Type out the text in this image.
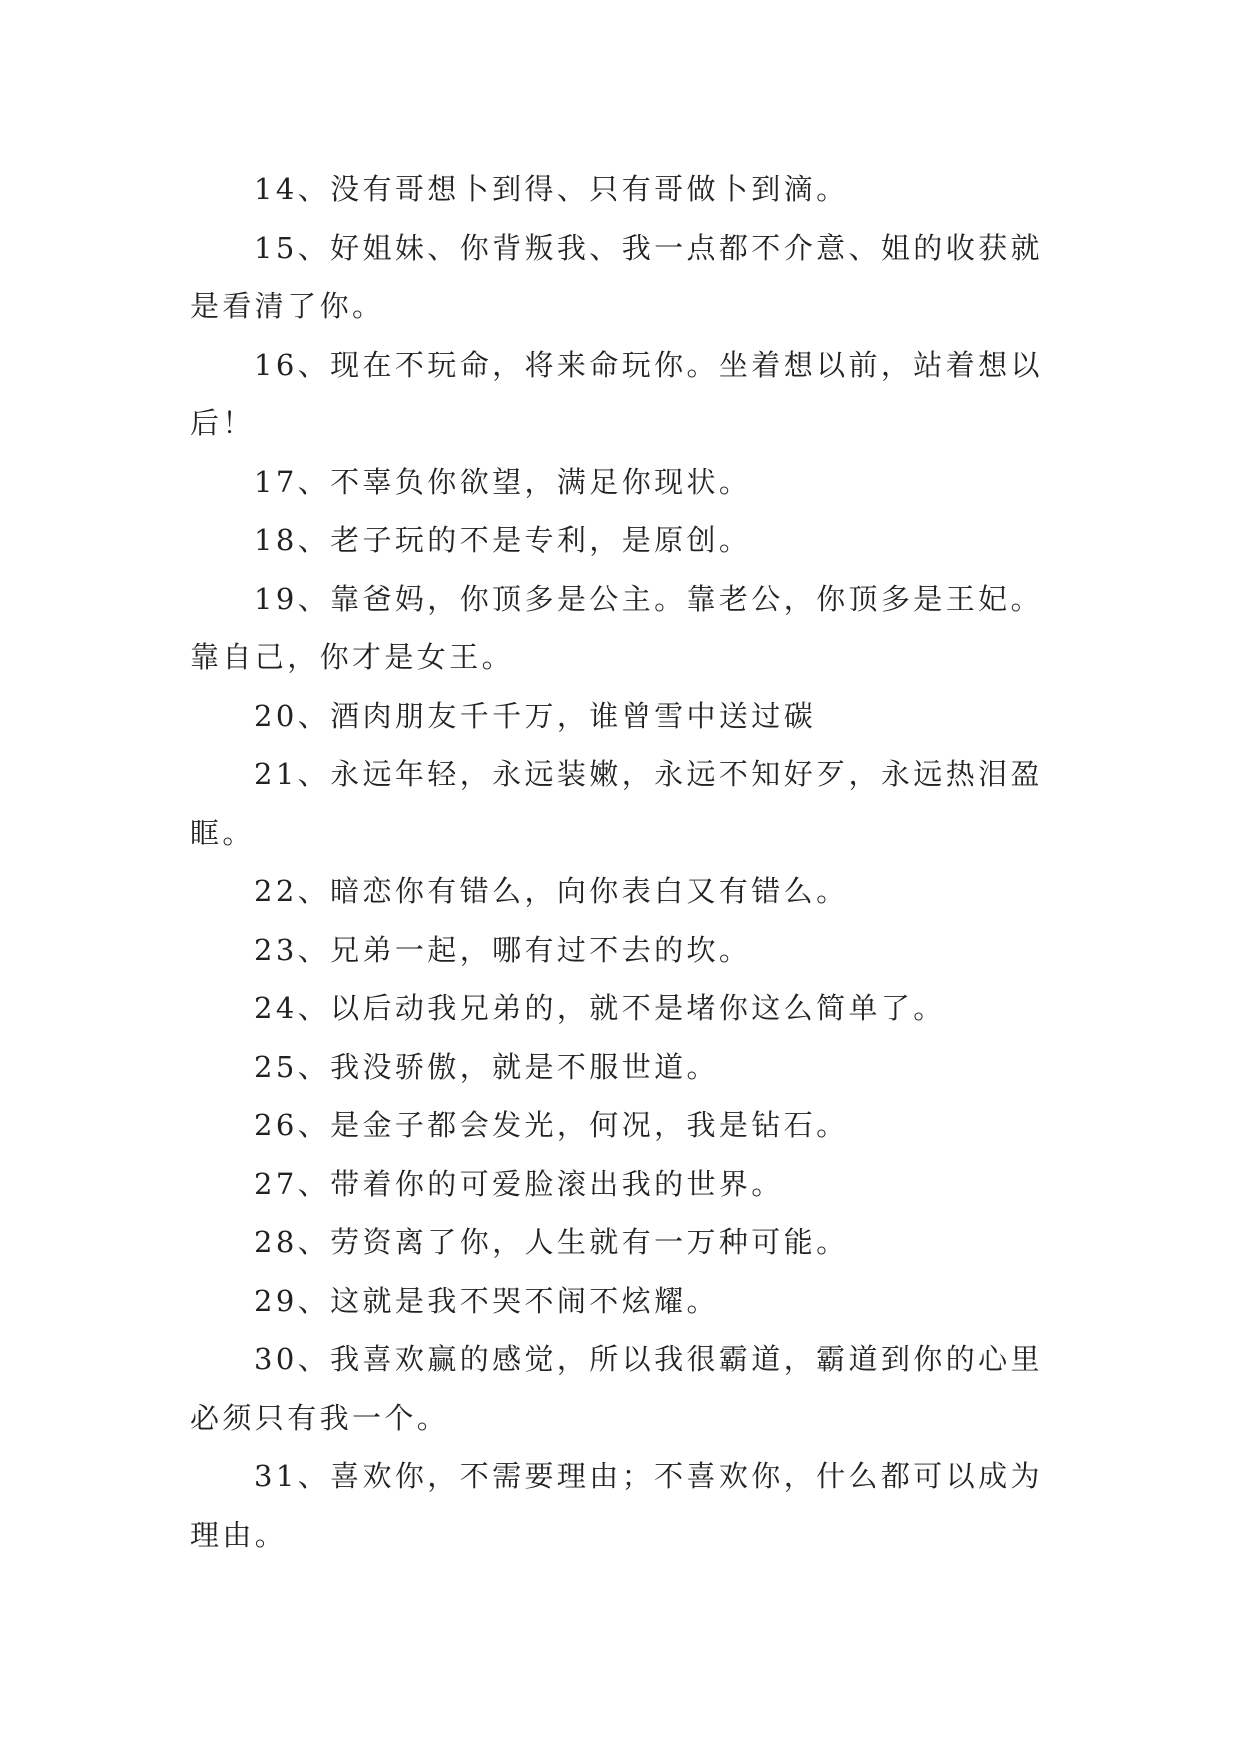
14、没有哥想卜到得、只有哥做卜到滴。

15、好姐妹、你背叛我、我一点都不介意、姐的收获就是看清了你。

16、现在不玩命，将来命玩你。坐着想以前，站着想以后！

17、不辜负你欲望，满足你现状。

18、老子玩的不是专利，是原创。

19、靠爸妈，你顶多是公主。靠老公，你顶多是王妃。靠自己，你才是女王。

20、酒肉朋友千千万，谁曾雪中送过碳

21、永远年轻，永远装嫩，永远不知好歹，永远热泪盈眶。

22、暗恋你有错么，向你表白又有错么。

23、兄弟一起，哪有过不去的坎。

24、以后动我兄弟的，就不是堵你这么简单了。

25、我没骄傲，就是不服世道。

26、是金子都会发光，何况，我是钻石。

27、带着你的可爱脸滚出我的世界。

28、劳资离了你，人生就有一万种可能。

29、这就是我不哭不闹不炫耀。

30、我喜欢赢的感觉，所以我很霸道，霸道到你的心里必须只有我一个。

31、喜欢你，不需要理由；不喜欢你，什么都可以成为理由。
